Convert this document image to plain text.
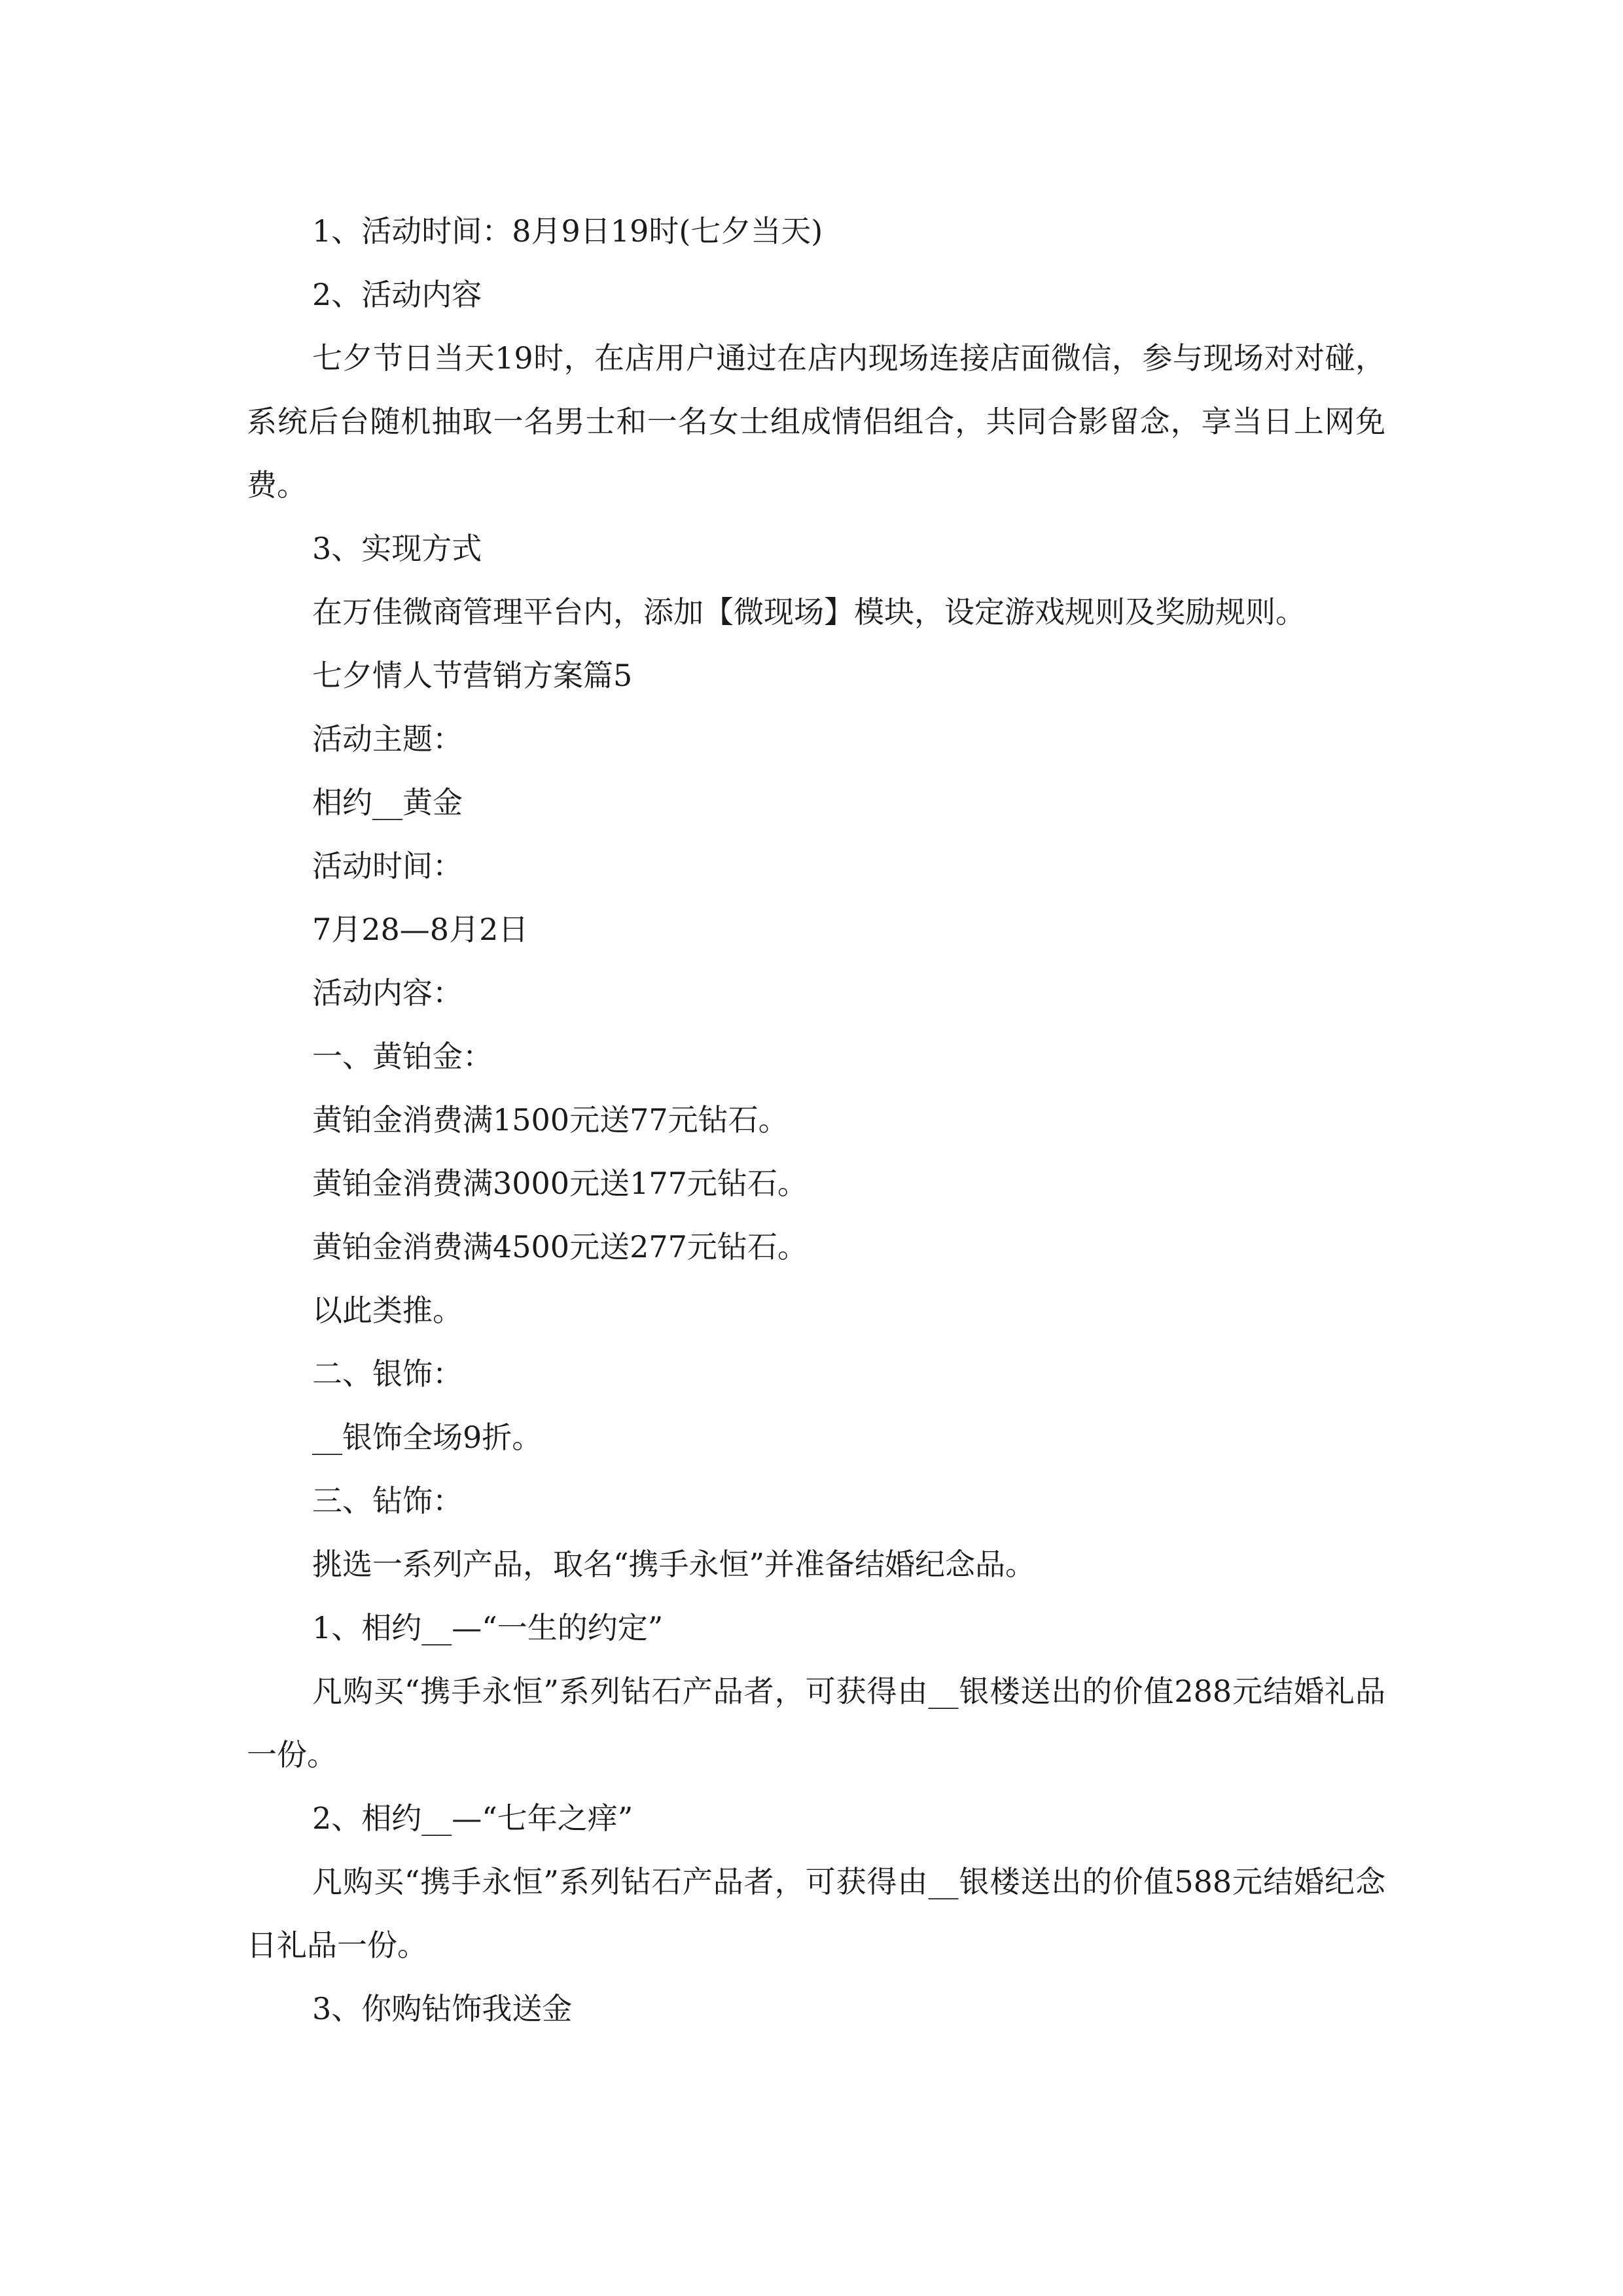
1、活动时间：8月9日19时(七夕当天)

2、活动内容

七夕节日当天19时，在店用户通过在店内现场连接店面微信，参与现场对对碰，系统后台随机抽取一名男士和一名女士组成情侣组合，共同合影留念，享当日上网免费。

3、实现方式

在万佳微商管理平台内，添加【微现场】模块，设定游戏规则及奖励规则。

七夕情人节营销方案篇5

活动主题：

相约__黄金

活动时间：

7月28—8月2日

活动内容：

一、黄铂金：

黄铂金消费满1500元送77元钻石。

黄铂金消费满3000元送177元钻石。

黄铂金消费满4500元送277元钻石。

以此类推。

二、银饰：

__银饰全场9折。

三、钻饰：

挑选一系列产品，取名“携手永恒”并准备结婚纪念品。

1、相约__—“一生的约定”

凡购买“携手永恒”系列钻石产品者，可获得由__银楼送出的价值288元结婚礼品一份。

2、相约__—“七年之痒”

凡购买“携手永恒”系列钻石产品者，可获得由__银楼送出的价值588元结婚纪念日礼品一份。

3、你购钻饰我送金
